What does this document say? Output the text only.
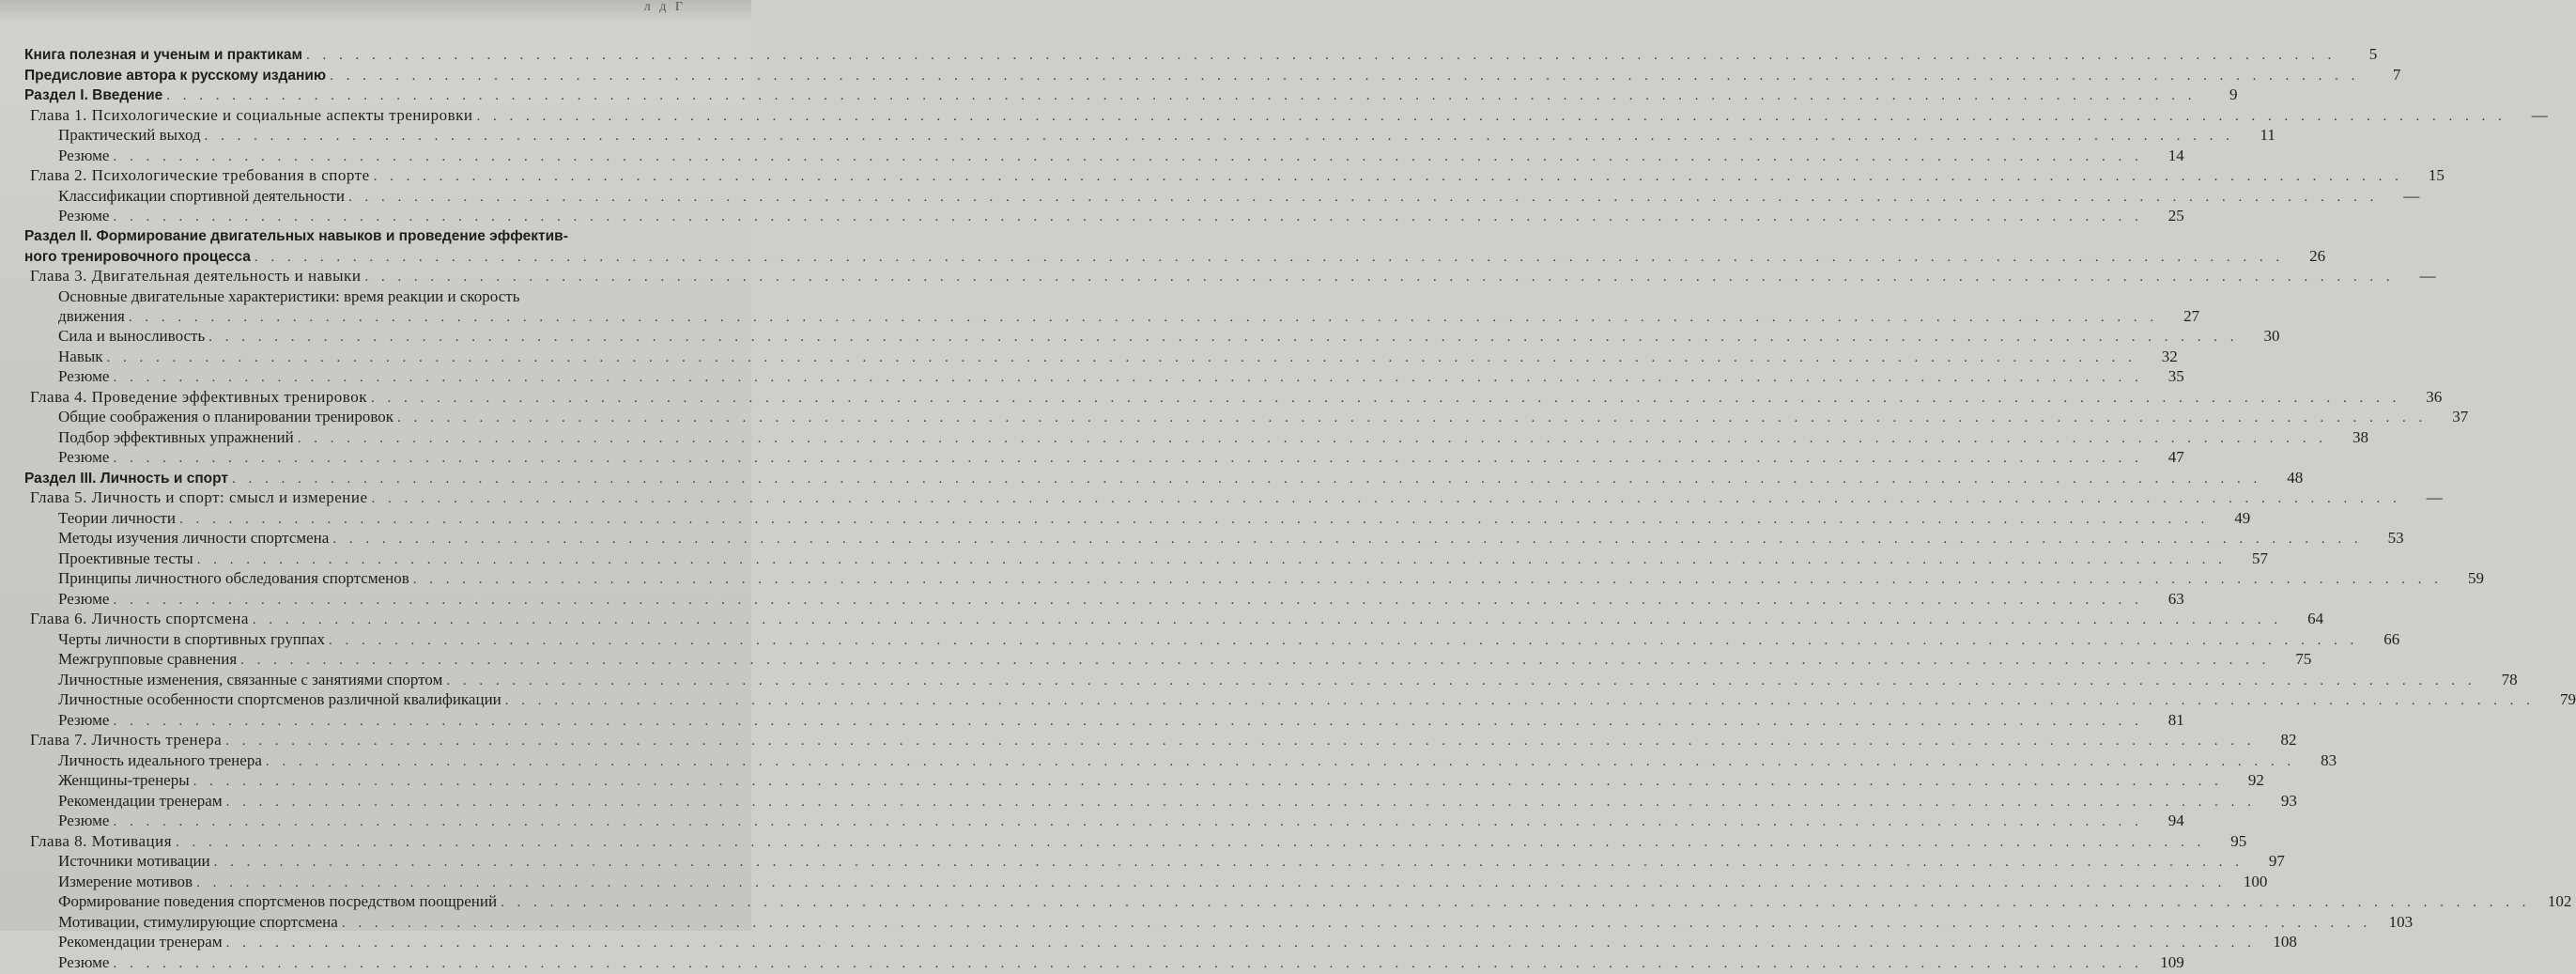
л д Г
Книга полезная и ученым и практикам . . .	5
Предисловие автора к русскому изданию . . .	7
Раздел I. Введение . . .	9
Глава 1. Психологические и социальные аспекты тренировки . . .	—
Практический выход . . .	11
Резюме . . .	14
Глава 2. Психологические требования в спорте . . .	15
Классификации спортивной деятельности . . .	—
Резюме . . .	25
Раздел II. Формирование двигательных навыков и проведение эффектив-
ного тренировочного процесса . . .	26
Глава 3. Двигательная деятельность и навыки . . .	—
Основные двигательные характеристики: время реакции и скорость
движения . . .	27
Сила и выносливость . . .	30
Навык . . .	32
Резюме . . .	35
Глава 4. Проведение эффективных тренировок . . .	36
Общие соображения о планировании тренировок . . .	37
Подбор эффективных упражнений . . .	38
Резюме . . .	47
Раздел III. Личность и спорт . . .	48
Глава 5. Личность и спорт: смысл и измерение . . .	—
Теории личности . . .	49
Методы изучения личности спортсмена . . .	53
Проективные тесты . . .	57
Принципы личностного обследования спортсменов . . .	59
Резюме . . .	63
Глава 6. Личность спортсмена . . .	64
Черты личности в спортивных группах . . .	66
Межгрупповые сравнения . . .	75
Личностные изменения, связанные с занятиями спортом . . .	78
Личностные особенности спортсменов различной квалификации . . .	79
Резюме . . .	81
Глава 7. Личность тренера . . .	82
Личность идеального тренера . . .	83
Женщины-тренеры . . .	92
Рекомендации тренерам . . .	93
Резюме . . .	94
Глава 8. Мотивация . . .	95
Источники мотивации . . .	97
Измерение мотивов . . .	100
Формирование поведения спортсменов посредством поощрений . . .	102
Мотивации, стимулирующие спортсмена . . .	103
Рекомендации тренерам . . .	108
Резюме . . .	109
